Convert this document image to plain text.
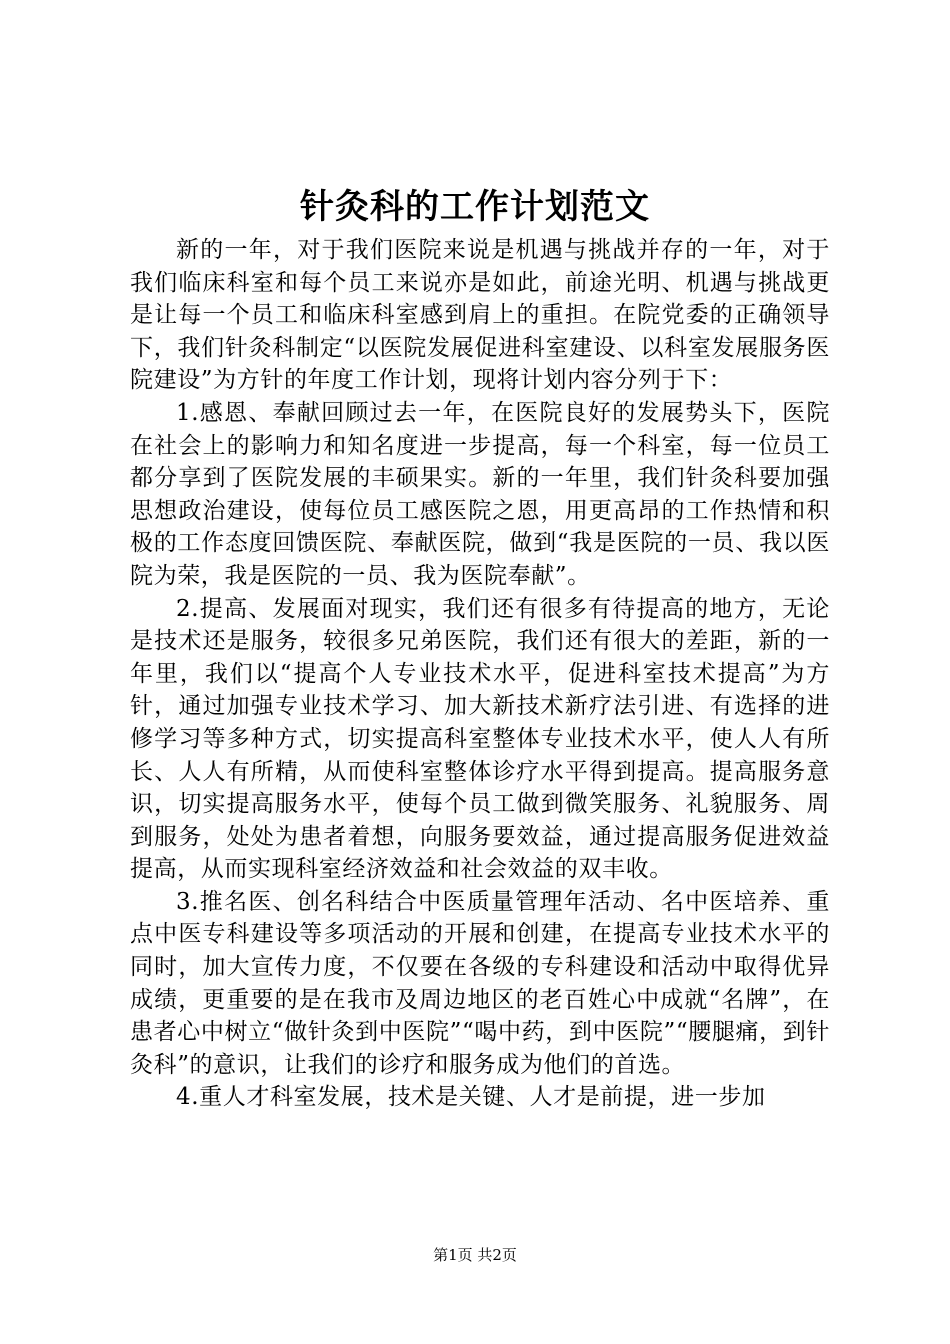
针灸科的工作计划范文

新的一年，对于我们医院来说是机遇与挑战并存的一年，对于我们临床科室和每个员工来说亦是如此，前途光明、机遇与挑战更是让每一个员工和临床科室感到肩上的重担。在院党委的正确领导下，我们针灸科制定“以医院发展促进科室建设、以科室发展服务医院建设”为方针的年度工作计划，现将计划内容分列于下：

1.感恩、奉献回顾过去一年，在医院良好的发展势头下，医院在社会上的影响力和知名度进一步提高，每一个科室，每一位员工都分享到了医院发展的丰硕果实。新的一年里，我们针灸科要加强思想政治建设，使每位员工感医院之恩，用更高昂的工作热情和积极的工作态度回馈医院、奉献医院，做到“我是医院的一员、我以医院为荣，我是医院的一员、我为医院奉献”。

2.提高、发展面对现实，我们还有很多有待提高的地方，无论是技术还是服务，较很多兄弟医院，我们还有很大的差距，新的一年里，我们以“提高个人专业技术水平，促进科室技术提高”为方针，通过加强专业技术学习、加大新技术新疗法引进、有选择的进修学习等多种方式，切实提高科室整体专业技术水平，使人人有所长、人人有所精，从而使科室整体诊疗水平得到提高。提高服务意识，切实提高服务水平，使每个员工做到微笑服务、礼貌服务、周到服务，处处为患者着想，向服务要效益，通过提高服务促进效益提高，从而实现科室经济效益和社会效益的双丰收。

3.推名医、创名科结合中医质量管理年活动、名中医培养、重点中医专科建设等多项活动的开展和创建，在提高专业技术水平的同时，加大宣传力度，不仅要在各级的专科建设和活动中取得优异成绩，更重要的是在我市及周边地区的老百姓心中成就“名牌”，在患者心中树立“做针灸到中医院”“喝中药，到中医院”“腰腿痛，到针灸科”的意识，让我们的诊疗和服务成为他们的首选。

4.重人才科室发展，技术是关键、人才是前提，进一步加

第1页 共2页
